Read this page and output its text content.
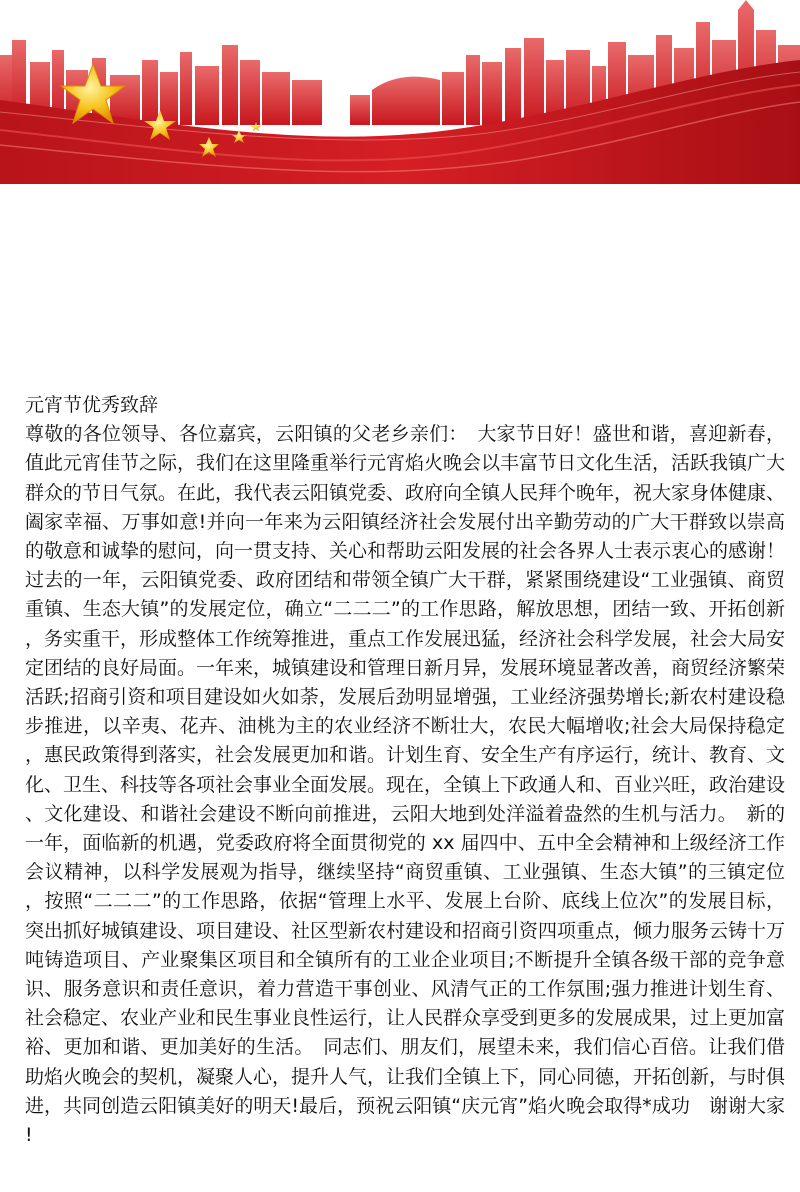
元宵节优秀致辞

尊敬的各位领导、各位嘉宾，云阳镇的父老乡亲们：　大家节日好！盛世和谐，喜迎新春，值此元宵佳节之际，我们在这里隆重举行元宵焰火晚会以丰富节日文化生活，活跃我镇广大群众的节日气氛。在此，我代表云阳镇党委、政府向全镇人民拜个晚年，祝大家身体健康、阖家幸福、万事如意!并向一年来为云阳镇经济社会发展付出辛勤劳动的广大干群致以崇高的敬意和诚挚的慰问，向一贯支持、关心和帮助云阳发展的社会各界人士表示衷心的感谢！过去的一年，云阳镇党委、政府团结和带领全镇广大干群，紧紧围绕建设“工业强镇、商贸重镇、生态大镇”的发展定位，确立“二二二”的工作思路，解放思想，团结一致、开拓创新，务实重干，形成整体工作统筹推进，重点工作发展迅猛，经济社会科学发展，社会大局安定团结的良好局面。一年来，城镇建设和管理日新月异，发展环境显著改善，商贸经济繁荣活跃;招商引资和项目建设如火如荼，发展后劲明显增强，工业经济强势增长;新农村建设稳步推进，以辛夷、花卉、油桃为主的农业经济不断壮大，农民大幅增收;社会大局保持稳定，惠民政策得到落实，社会发展更加和谐。计划生育、安全生产有序运行，统计、教育、文化、卫生、科技等各项社会事业全面发展。现在，全镇上下政通人和、百业兴旺，政治建设、文化建设、和谐社会建设不断向前推进，云阳大地到处洋溢着盎然的生机与活力。　新的一年，面临新的机遇，党委政府将全面贯彻党的 xx 届四中、五中全会精神和上级经济工作会议精神，以科学发展观为指导，继续坚持“商贸重镇、工业强镇、生态大镇”的三镇定位，按照“二二二”的工作思路，依据“管理上水平、发展上台阶、底线上位次”的发展目标，突出抓好城镇建设、项目建设、社区型新农村建设和招商引资四项重点，倾力服务云铸十万吨铸造项目、产业聚集区项目和全镇所有的工业企业项目;不断提升全镇各级干部的竞争意识、服务意识和责任意识，着力营造干事创业、风清气正的工作氛围;强力推进计划生育、社会稳定、农业产业和民生事业良性运行，让人民群众享受到更多的发展成果，过上更加富裕、更加和谐、更加美好的生活。　同志们、朋友们，展望未来，我们信心百倍。让我们借助焰火晚会的契机，凝聚人心，提升人气，让我们全镇上下，同心同德，开拓创新，与时俱进，共同创造云阳镇美好的明天!最后，预祝云阳镇“庆元宵”焰火晚会取得*成功　谢谢大家!
